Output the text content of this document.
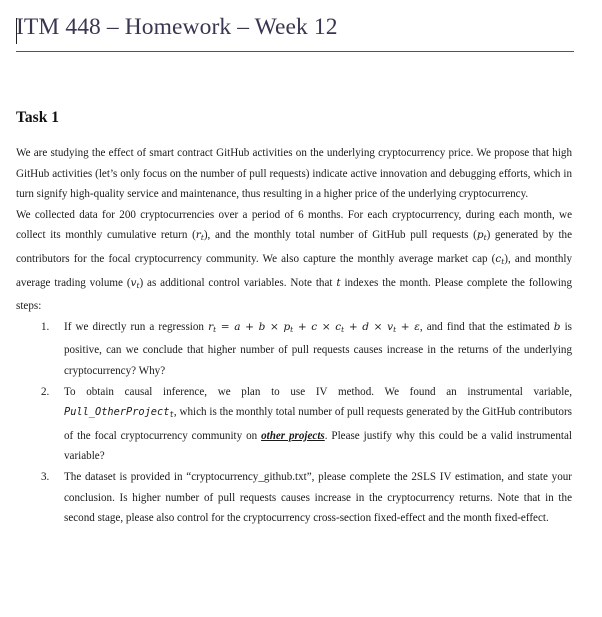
ITM 448 – Homework – Week 12
Task 1

We are studying the effect of smart contract GitHub activities on the underlying cryptocurrency price. We propose that high GitHub activities (let’s only focus on the number of pull requests) indicate active innovation and debugging efforts, which in turn signify high-quality service and maintenance, thus resulting in a higher price of the underlying cryptocurrency.

We collected data for 200 cryptocurrencies over a period of 6 months. For each cryptocurrency, during each month, we collect its monthly cumulative return $(r_t)$, and the monthly total number of GitHub pull requests $(p_t)$ generated by the contributors for the focal cryptocurrency community. We also capture the monthly average market cap $(c_t)$, and monthly average trading volume $(v_t)$ as additional control variables. Note that t indexes the month. Please complete the following steps:

1. If we directly run a regression $r_t = a + b \times p_t + c \times c_t + d \times v_t + \varepsilon$, and find that the estimated b is positive, can we conclude that higher number of pull requests causes increase in the returns of the underlying cryptocurrency? Why?
2. To obtain causal inference, we plan to use IV method. We found an instrumental variable, Pull_OtherProject$_t$, which is the monthly total number of pull requests generated by the GitHub contributors of the focal cryptocurrency community on other projects. Please justify why this could be a valid instrumental variable?
3. The dataset is provided in “cryptocurrency_github.txt”, please complete the 2SLS IV estimation, and state your conclusion. Is higher number of pull requests causes increase in the cryptocurrency returns. Note that in the second stage, please also control for the cryptocurrency cross-section fixed-effect and the month fixed-effect.
